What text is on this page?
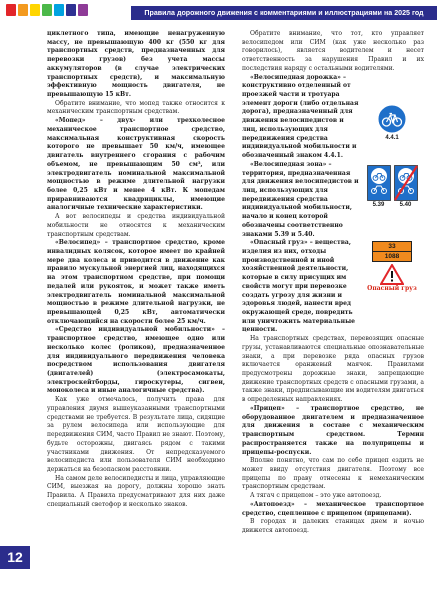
Правила дорожного движения с комментариями и иллюстрациями на 2025 год

циклетного типа, имеющие ненагруженную массу, не превышающую 400 кг (550 кг для транспортных средств, предназначенных для перевозки грузов) без учета массы аккумуляторов (в случае электрических транспортных средств), и максимальную эффективную мощность двигателя, не превышающую 15 кВт.

Обратите внимание, что мопед также относится к механическим транспортным средствам.

«Мопед» – двух- или трехколесное механическое транспортное средство, максимальная конструктивная скорость которого не превышает 50 км/ч, имеющее двигатель внутреннего сгорания с рабочим объемом, не превышающим 50 см³, или электродвигатель номинальной максимальной мощностью в режиме длительной нагрузки более 0,25 кВт и менее 4 кВт. К мопедам приравниваются квадрициклы, имеющие аналогичные технические характеристики.

А вот велосипеды и средства индивидуальной мобильности не относятся к механическим транспортным средствам.

«Велосипед» – транспортное средство, кроме инвалидных колясок, которое имеет по крайней мере два колеса и приводится в движение как правило мускульной энергией лиц, находящихся на этом транспортном средстве, при помощи педалей или рукояток, и может также иметь электродвигатель номинальной максимальной мощностью в режиме длительной нагрузки, не превышающей 0,25 кВт, автоматически отключающийся на скорости более 25 км/ч.

«Средство индивидуальной мобильности» – транспортное средство, имеющее одно или несколько колес (роликов), предназначенное для индивидуального передвижения человека посредством использования двигателя (двигателей) (электросамокаты, электроскейтборды, гироскутеры, сигвеи, моноколеса и иные аналогичные средства).

Как уже отмечалось, получить права для управления двумя вышеуказанными транспортными средствами не требуется. В результате лица, сидящие за рулем велосипеда или использующие для передвижения СИМ, часто Правил не знают. Поэтому, будьте осторожны, двигаясь рядом с такими участниками движения. От непредсказуемого велосипедиста или пользователя СИМ необходимо держаться на безопасном расстоянии.

На самом деле велосипедисты и лица, управляющие СИМ, выезжая на дорогу, должны хорошо знать Правила. А Правила предусматривают для них даже специальный светофор и несколько знаков.

Обратите внимание, что тот, кто управляет велосипедом или СИМ (как уже несколько раз говорилось), является водителем и несет ответственность за нарушения Правил и их последствия наряду с остальными водителями.

«Велосипедная дорожка» – конструктивно отделенный от проезжей части и тротуара элемент дороги (либо отдельная дорога), предназначенный для движения велосипедистов и лиц, использующих для передвижения средства индивидуальной мобильности и обозначенный знаком 4.4.1.

4.4.1

«Велосипедная зона» – территория, предназначенная для движения велосипедистов и лиц, использующих для передвижения средства индивидуальной мобильности, начало и конец которой обозначены соответственно знаками 5.39 и 5.40.

5.39	5.40

«Опасный груз» – вещества, изделия из них, отходы производственной и иной хозяйственной деятельности, которые в силу присущих им свойств могут при перевозке создать угрозу для жизни и здоровья людей, нанести вред окружающей среде, повредить или уничтожить материальные ценности.

33
1088
Опасный груз

На транспортных средствах, перевозящих опасные грузы, устанавливаются специальные опознавательные знаки, а при перевозке ряда опасных грузов включается оранжевый маячок. Правилами предусмотрены дорожные знаки, запрещающие движение транспортных средств с опасными грузами, а также знаки, предписывающие им водителям двигаться в определенных направлениях.

«Прицеп» – транспортное средство, не оборудованное двигателем и предназначенное для движения в составе с механическим транспортным средством. Термин распространяется также на полуприцепы и прицепы-роспуски.

Вполне понятно, что сам по себе прицеп ездить не может ввиду отсутствия двигателя. Поэтому все прицепы по праву отнесены к немеханическим транспортным средствам.

А тягач с прицепом – это уже автопоезд.

«Автопоезд» – механическое транспортное средство, сцепленное с прицепом (прицепами).

В городах и далеких станицах днем и ночью движется автопоезд.

12
